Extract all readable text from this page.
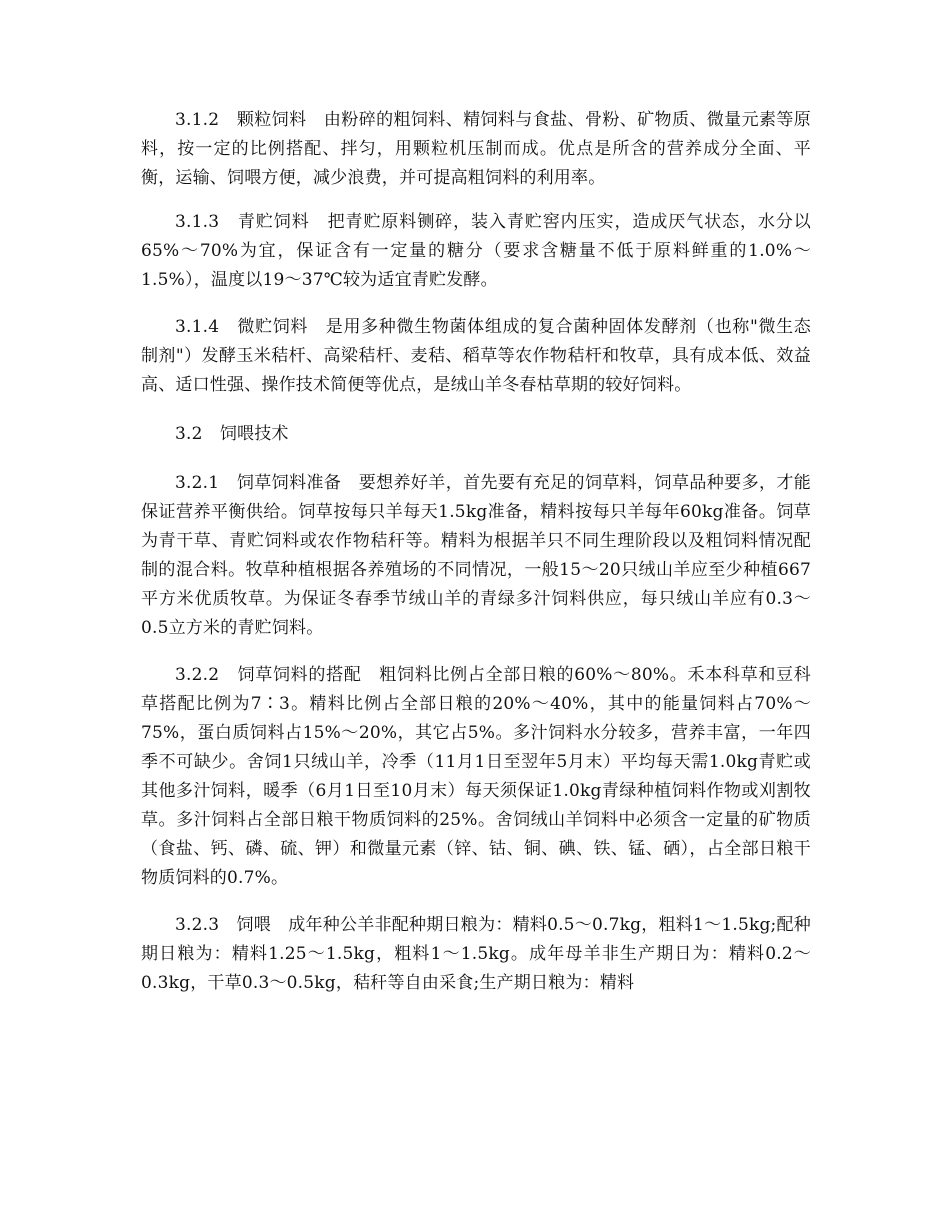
3.1.2　颗粒饲料　由粉碎的粗饲料、精饲料与食盐、骨粉、矿物质、微量元素等原料，按一定的比例搭配、拌匀，用颗粒机压制而成。优点是所含的营养成分全面、平衡，运输、饲喂方便，减少浪费，并可提高粗饲料的利用率。

3.1.3　青贮饲料　把青贮原料铡碎，装入青贮窖内压实，造成厌气状态，水分以65%～70%为宜，保证含有一定量的糖分（要求含糖量不低于原料鲜重的1.0%～1.5%），温度以19～37℃较为适宜青贮发酵。

3.1.4　微贮饲料　是用多种微生物菌体组成的复合菌种固体发酵剂（也称"微生态制剂"）发酵玉米秸杆、高梁秸杆、麦秸、稻草等农作物秸杆和牧草，具有成本低、效益高、适口性强、操作技术简便等优点，是绒山羊冬春枯草期的较好饲料。

3.2　饲喂技术

3.2.1　饲草饲料准备　要想养好羊，首先要有充足的饲草料，饲草品种要多，才能保证营养平衡供给。饲草按每只羊每天1.5kg准备，精料按每只羊每年60kg准备。饲草为青干草、青贮饲料或农作物秸秆等。精料为根据羊只不同生理阶段以及粗饲料情况配制的混合料。牧草种植根据各养殖场的不同情况，一般15～20只绒山羊应至少种植667平方米优质牧草。为保证冬春季节绒山羊的青绿多汁饲料供应，每只绒山羊应有0.3～0.5立方米的青贮饲料。

3.2.2　饲草饲料的搭配　粗饲料比例占全部日粮的60%～80%。禾本科草和豆科草搭配比例为7∶3。精料比例占全部日粮的20%～40%，其中的能量饲料占70%～75%，蛋白质饲料占15%～20%，其它占5%。多汁饲料水分较多，营养丰富，一年四季不可缺少。舍饲1只绒山羊，冷季（11月1日至翌年5月末）平均每天需1.0kg青贮或其他多汁饲料，暖季（6月1日至10月末）每天须保证1.0kg青绿种植饲料作物或刈割牧草。多汁饲料占全部日粮干物质饲料的25%。舍饲绒山羊饲料中必须含一定量的矿物质（食盐、钙、磷、硫、钾）和微量元素（锌、钴、铜、碘、铁、锰、硒），占全部日粮干物质饲料的0.7%。

3.2.3　饲喂　成年种公羊非配种期日粮为：精料0.5～0.7kg，粗料1～1.5kg;配种期日粮为：精料1.25～1.5kg，粗料1～1.5kg。成年母羊非生产期日为：精料0.2～0.3kg，干草0.3～0.5kg，秸秆等自由采食;生产期日粮为：精料
